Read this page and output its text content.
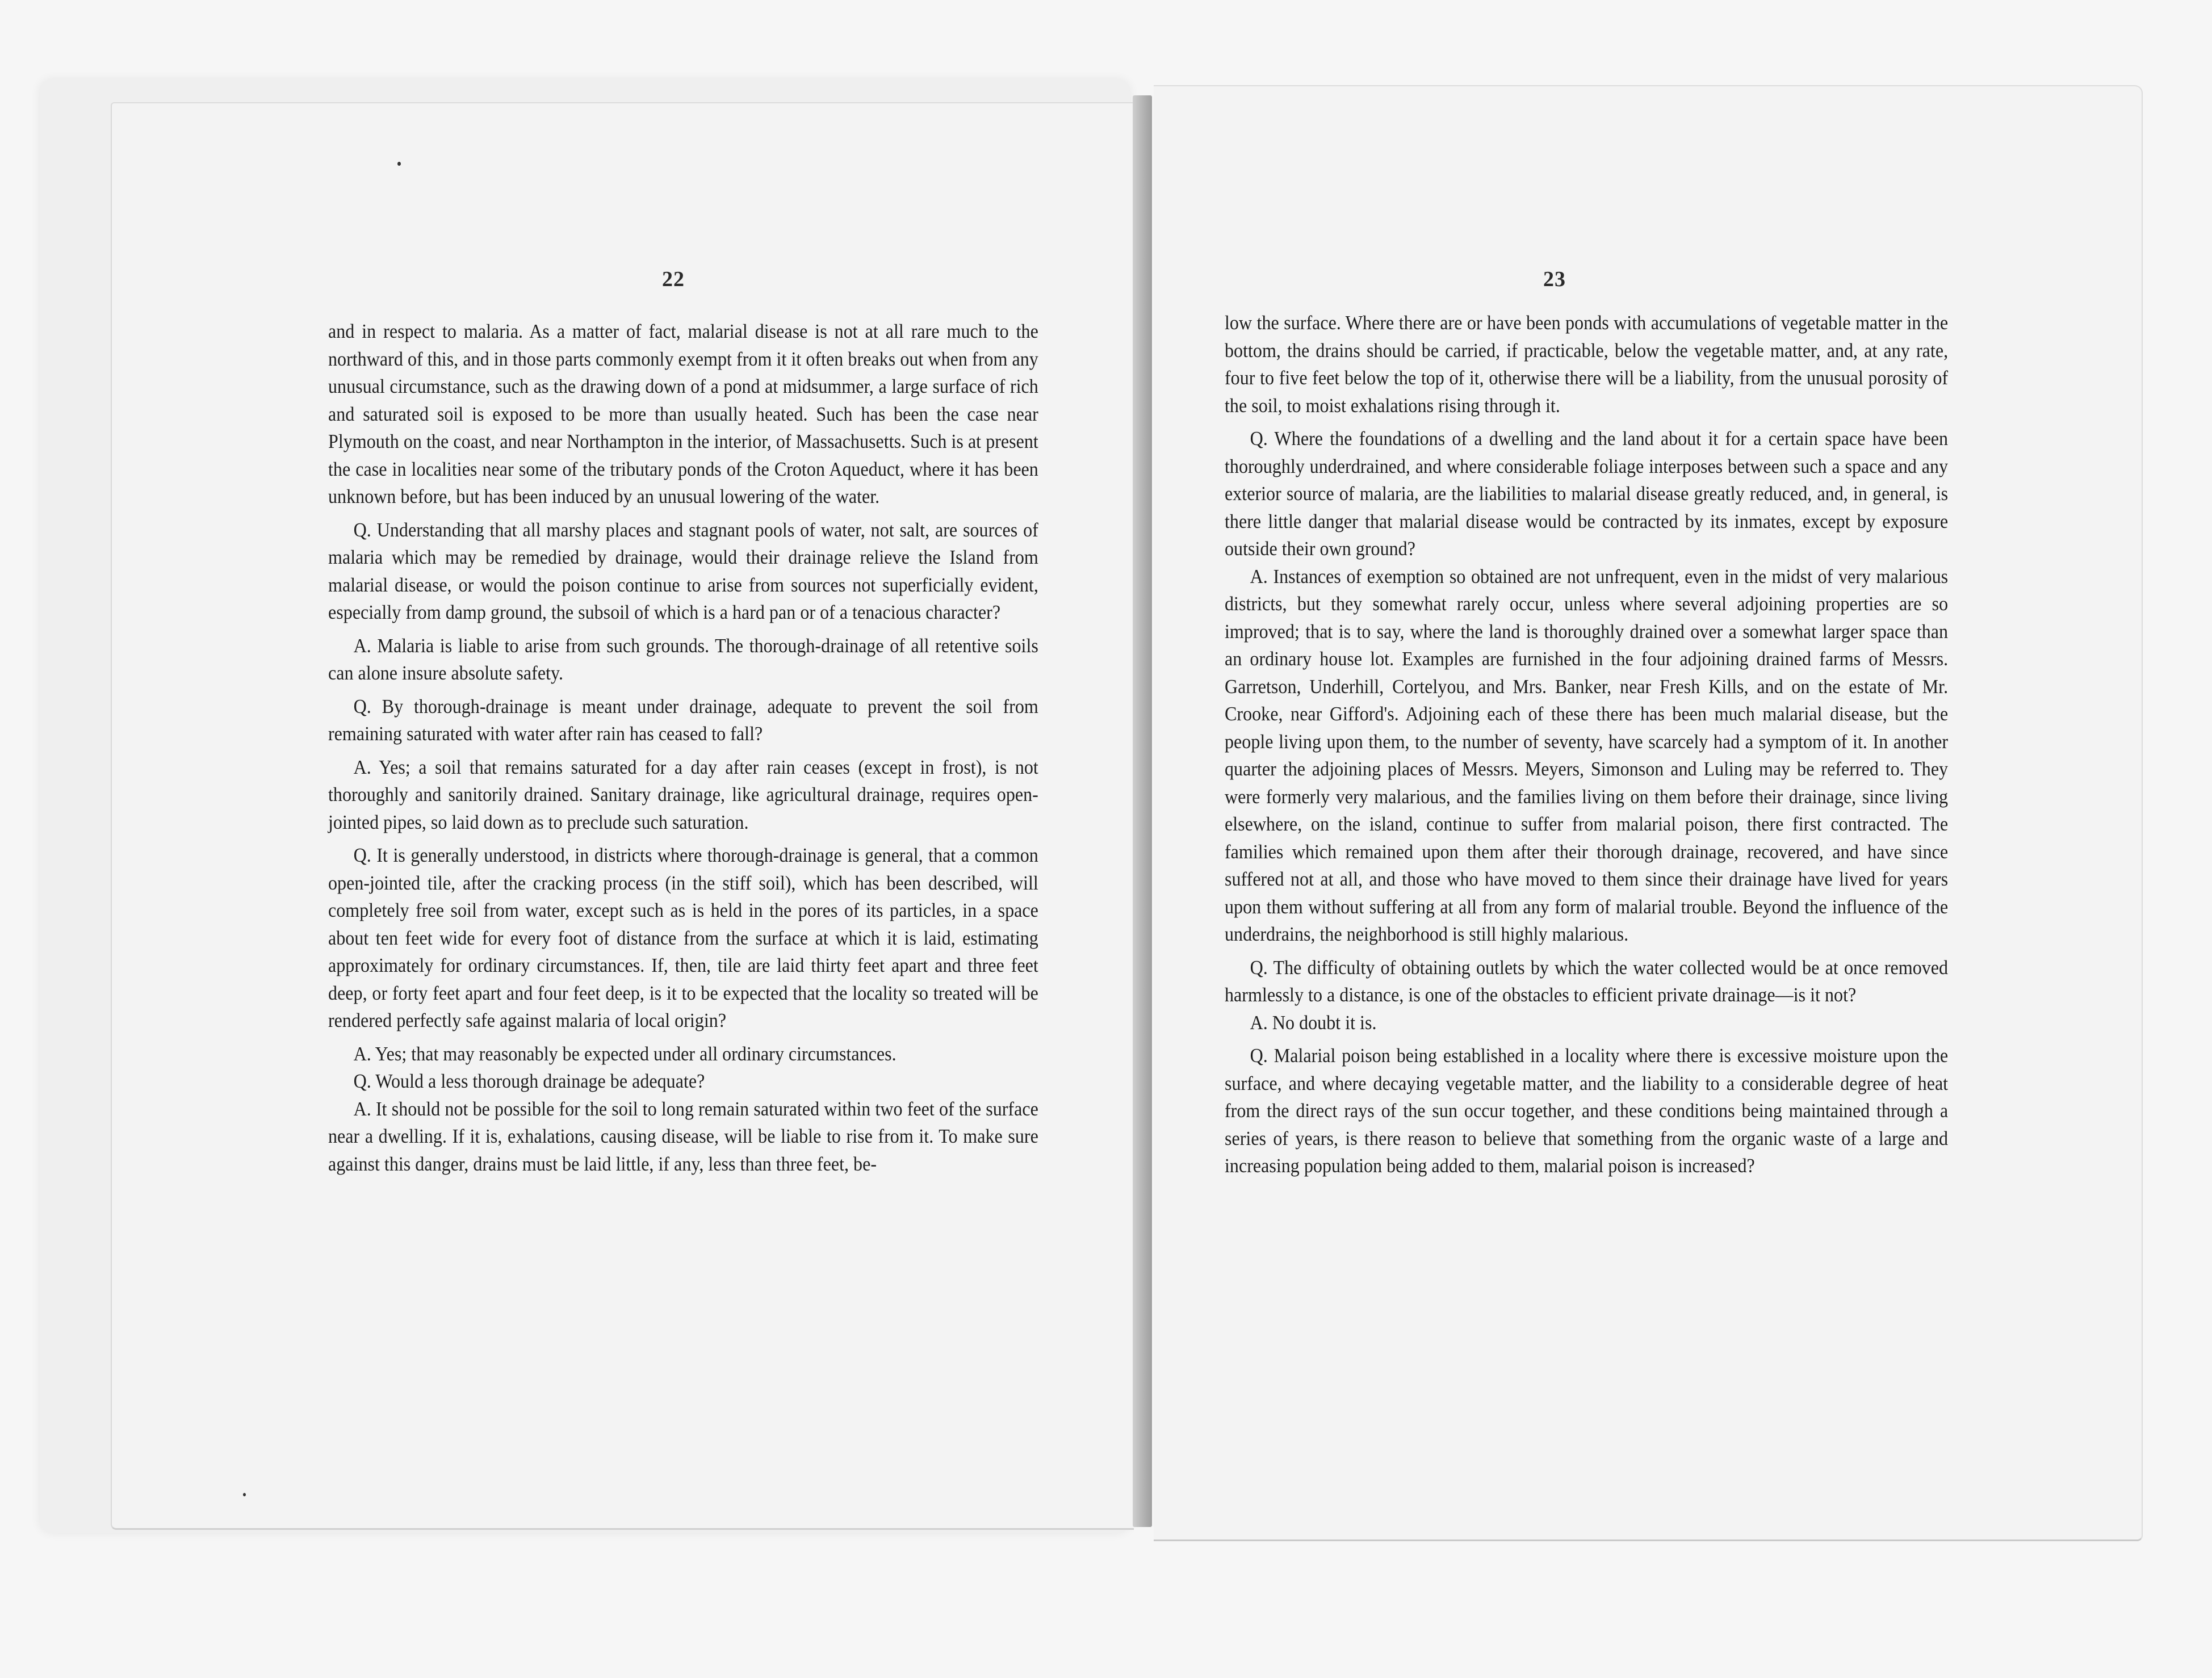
22	23

and in respect to malaria. As a matter of fact, malarial disease is not at all rare much to the northward of this, and in those parts commonly exempt from it it often breaks out when from any unusual circumstance, such as the drawing down of a pond at midsummer, a large surface of rich and saturated soil is exposed to be more than usually heated. Such has been the case near Plymouth on the coast, and near Northampton in the interior, of Massachusetts. Such is at present the case in localities near some of the tributary ponds of the Croton Aqueduct, where it has been unknown before, but has been induced by an unusual lowering of the water.

Q. Understanding that all marshy places and stagnant pools of water, not salt, are sources of malaria which may be remedied by drainage, would their drainage relieve the Island from malarial disease, or would the poison continue to arise from sources not superficially evident, especially from damp ground, the subsoil of which is a hard pan or of a tenacious character?

A. Malaria is liable to arise from such grounds. The thorough-drainage of all retentive soils can alone insure absolute safety.

Q. By thorough-drainage is meant under drainage, adequate to prevent the soil from remaining saturated with water after rain has ceased to fall?

A. Yes; a soil that remains saturated for a day after rain ceases (except in frost), is not thoroughly and sanitorily drained. Sanitary drainage, like agricultural drainage, requires open-jointed pipes, so laid down as to preclude such saturation.

Q. It is generally understood, in districts where thorough-drainage is general, that a common open-jointed tile, after the cracking process (in the stiff soil), which has been described, will completely free soil from water, except such as is held in the pores of its particles, in a space about ten feet wide for every foot of distance from the surface at which it is laid, estimating approximately for ordinary circumstances. If, then, tile are laid thirty feet apart and three feet deep, or forty feet apart and four feet deep, is it to be expected that the locality so treated will be rendered perfectly safe against malaria of local origin?

A. Yes; that may reasonably be expected under all ordinary circumstances.

Q. Would a less thorough drainage be adequate?

A. It should not be possible for the soil to long remain saturated within two feet of the surface near a dwelling. If it is, exhalations, causing disease, will be liable to rise from it. To make sure against this danger, drains must be laid little, if any, less than three feet, be-

low the surface. Where there are or have been ponds with accumulations of vegetable matter in the bottom, the drains should be carried, if practicable, below the vegetable matter, and, at any rate, four to five feet below the top of it, otherwise there will be a liability, from the unusual porosity of the soil, to moist exhalations rising through it.

Q. Where the foundations of a dwelling and the land about it for a certain space have been thoroughly underdrained, and where considerable foliage interposes between such a space and any exterior source of malaria, are the liabilities to malarial disease greatly reduced, and, in general, is there little danger that malarial disease would be contracted by its inmates, except by exposure outside their own ground?

A. Instances of exemption so obtained are not unfrequent, even in the midst of very malarious districts, but they somewhat rarely occur, unless where several adjoining properties are so improved; that is to say, where the land is thoroughly drained over a somewhat larger space than an ordinary house lot. Examples are furnished in the four adjoining drained farms of Messrs. Garretson, Underhill, Cortelyou, and Mrs. Banker, near Fresh Kills, and on the estate of Mr. Crooke, near Gifford's. Adjoining each of these there has been much malarial disease, but the people living upon them, to the number of seventy, have scarcely had a symptom of it. In another quarter the adjoining places of Messrs. Meyers, Simonson and Luling may be referred to. They were formerly very malarious, and the families living on them before their drainage, since living elsewhere, on the island, continue to suffer from malarial poison, there first contracted. The families which remained upon them after their thorough drainage, recovered, and have since suffered not at all, and those who have moved to them since their drainage have lived for years upon them without suffering at all from any form of malarial trouble. Beyond the influence of the underdrains, the neighborhood is still highly malarious.

Q. The difficulty of obtaining outlets by which the water collected would be at once removed harmlessly to a distance, is one of the obstacles to efficient private drainage—is it not?

A. No doubt it is.

Q. Malarial poison being established in a locality where there is excessive moisture upon the surface, and where decaying vegetable matter, and the liability to a considerable degree of heat from the direct rays of the sun occur together, and these conditions being maintained through a series of years, is there reason to believe that something from the organic waste of a large and increasing population being added to them, malarial poison is increased?
